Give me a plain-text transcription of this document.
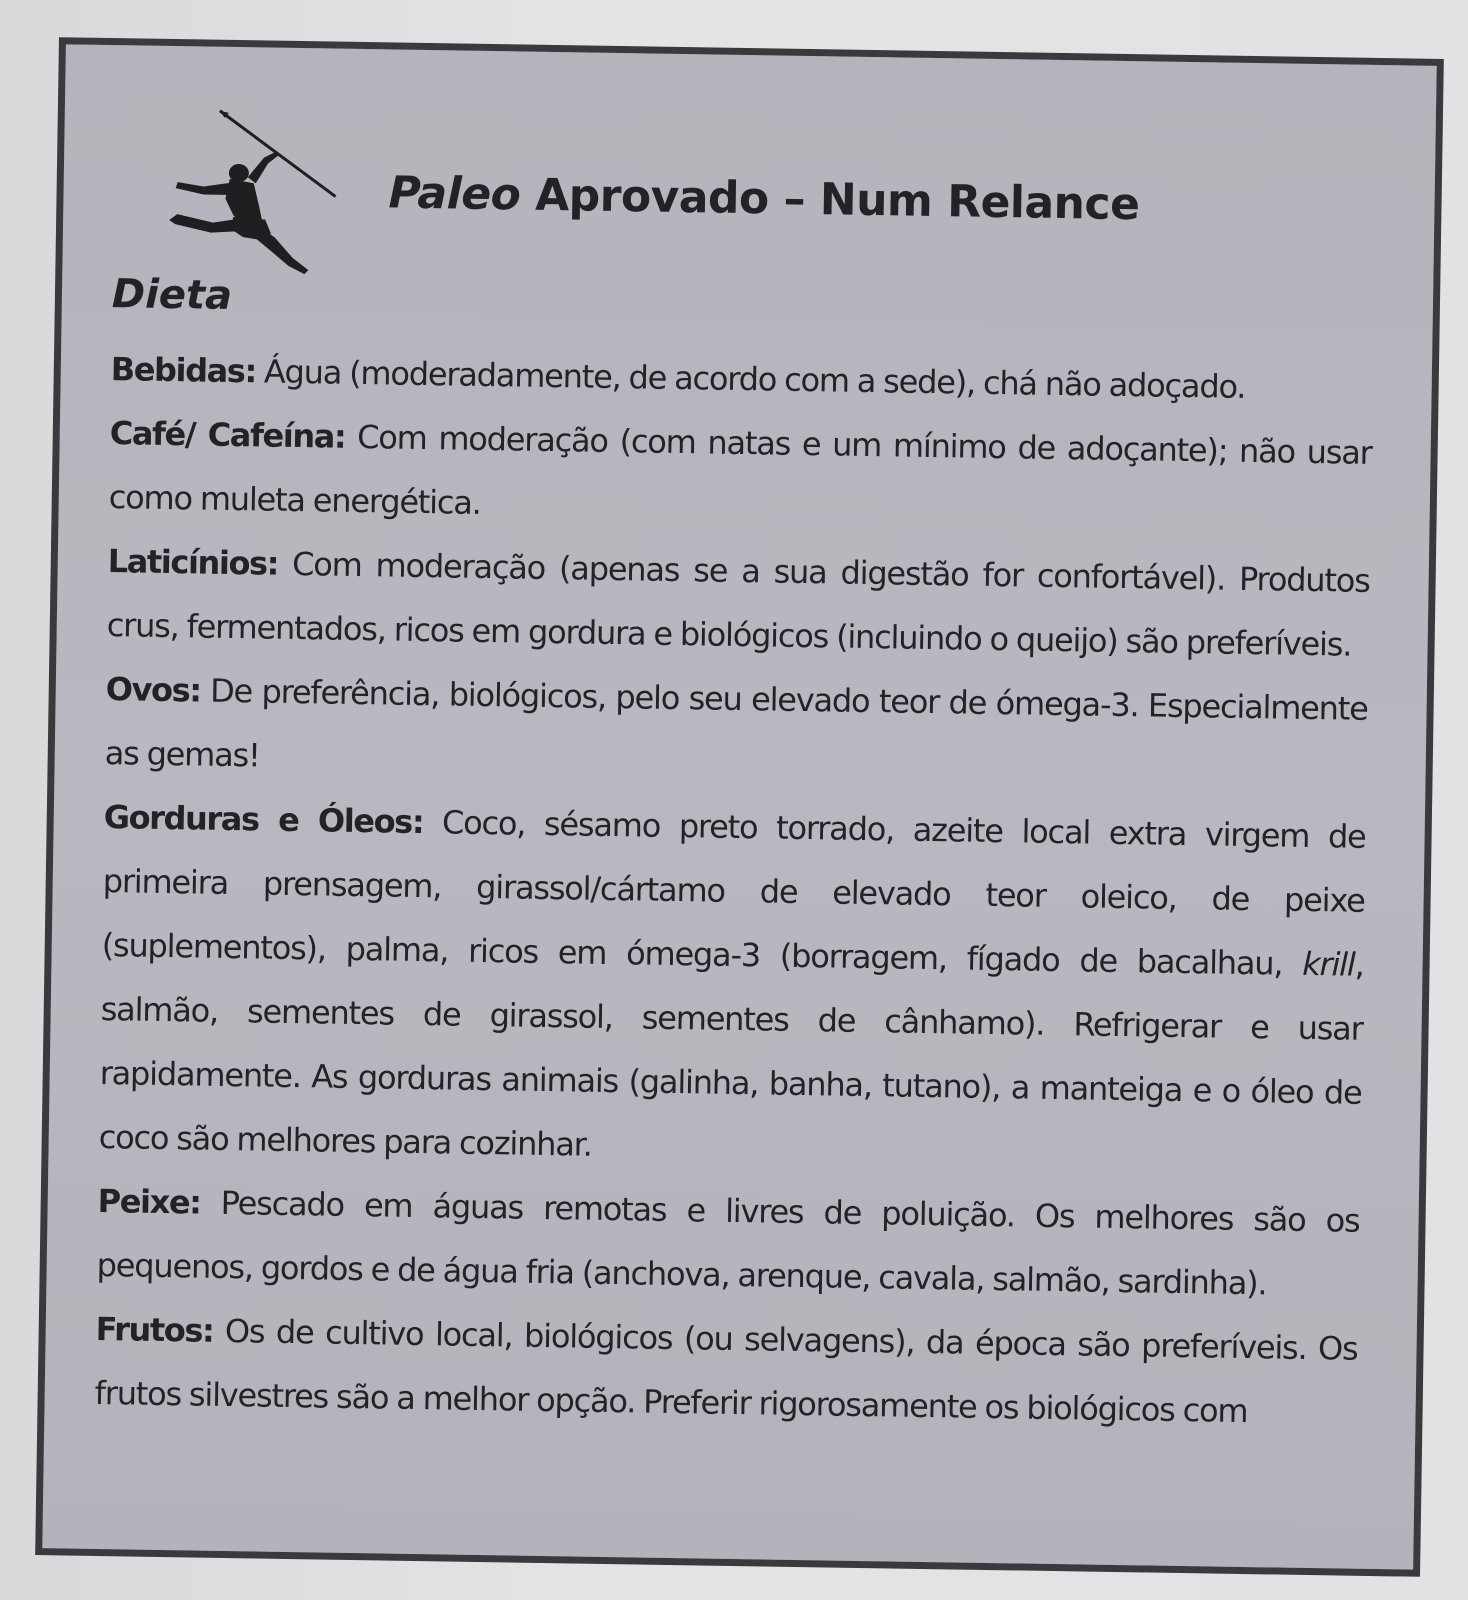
Paleo Aprovado – Num Relance
Dieta

Bebidas: Água (moderadamente, de acordo com a sede), chá não adoçado.

Café/ Cafeína: Com moderação (com natas e um mínimo de adoçante); não usar como muleta energética.

Laticínios: Com moderação (apenas se a sua digestão for confortável). Produtos crus, fermentados, ricos em gordura e biológicos (incluindo o queijo) são preferíveis.

Ovos: De preferência, biológicos, pelo seu elevado teor de ómega-3. Especialmente as gemas!

Gorduras e Óleos: Coco, sésamo preto torrado, azeite local extra virgem de primeira prensagem, girassol/cártamo de elevado teor oleico, de peixe (suplementos), palma, ricos em ómega-3 (borragem, fígado de bacalhau, krill, salmão, sementes de girassol, sementes de cânhamo). Refrigerar e usar rapidamente. As gorduras animais (galinha, banha, tutano), a manteiga e o óleo de coco são melhores para cozinhar.

Peixe: Pescado em águas remotas e livres de poluição. Os melhores são os pequenos, gordos e de água fria (anchova, arenque, cavala, salmão, sardinha).

Frutos: Os de cultivo local, biológicos (ou selvagens), da época são preferíveis. Os frutos silvestres são a melhor opção. Preferir rigorosamente os biológicos com
